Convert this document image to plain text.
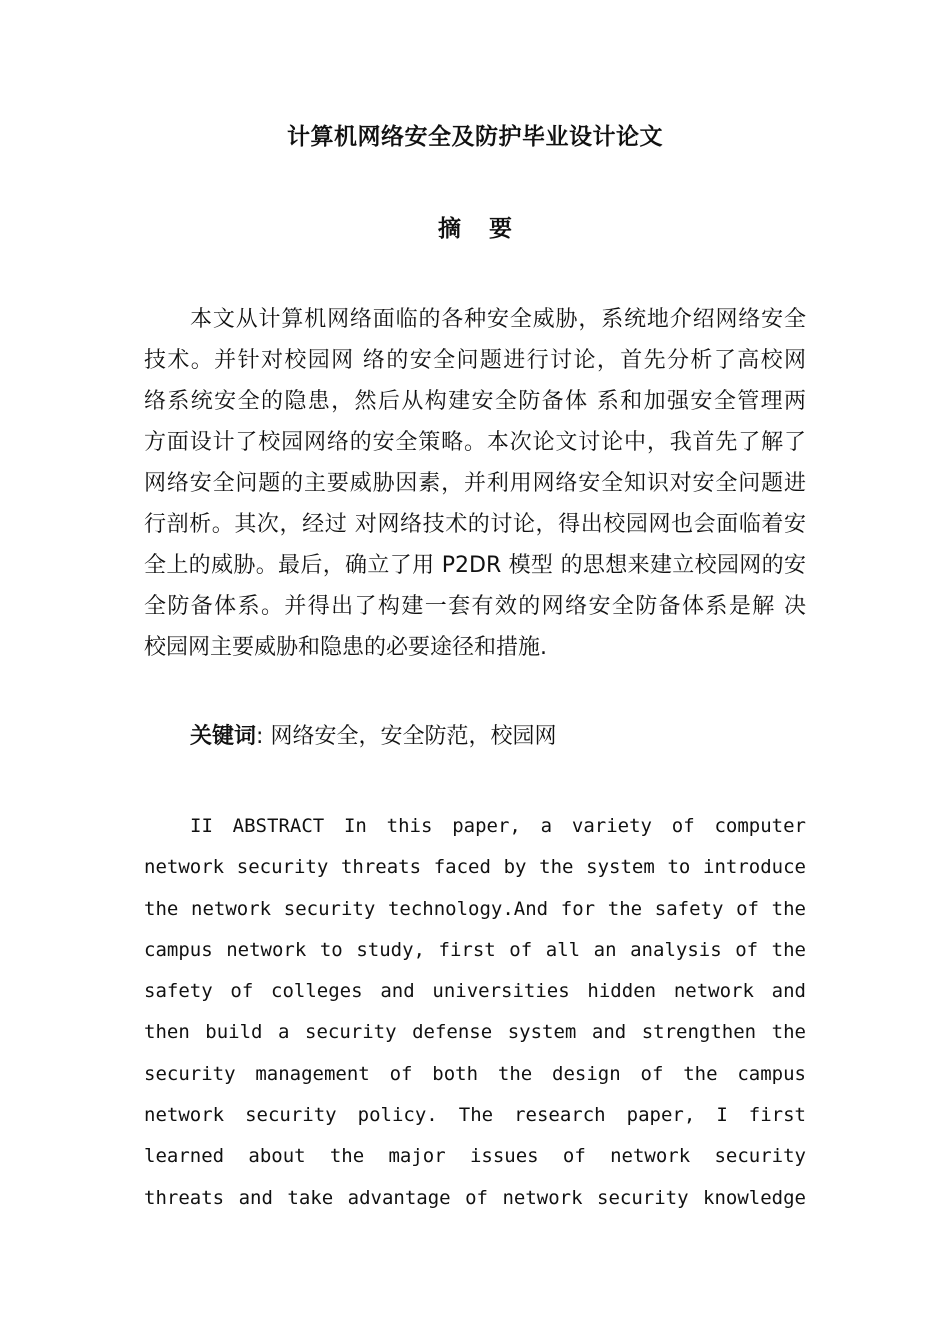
计算机网络安全及防护毕业设计论文
摘要
本文从计算机网络面临的各种安全威胁，系统地介绍网络安全
技术。并针对校园网 络的安全问题进行讨论，首先分析了高校网
络系统安全的隐患，然后从构建安全防备体 系和加强安全管理两
方面设计了校园网络的安全策略。本次论文讨论中，我首先了解了
网络安全问题的主要威胁因素，并利用网络安全知识对安全问题进
行剖析。其次，经过 对网络技术的讨论，得出校园网也会面临着安
全上的威胁。最后，确立了用 P2DR 模型 的思想来建立校园网的安
全防备体系。并得出了构建一套有效的网络安全防备体系是解 决
校园网主要威胁和隐患的必要途径和措施.
关键词: 网络安全，安全防范，校园网
II ABSTRACT In this paper, a variety of computer
network security threats faced by the system to introduce
the network security technology.And for the safety of the
campus network to study, first of all an analysis of the
safety of colleges and universities hidden network and
then build a security defense system and strengthen the
security management of both the design of the campus
network security policy. The research paper, I first
learned about the major issues of network security
threats and take advantage of network security knowledge
